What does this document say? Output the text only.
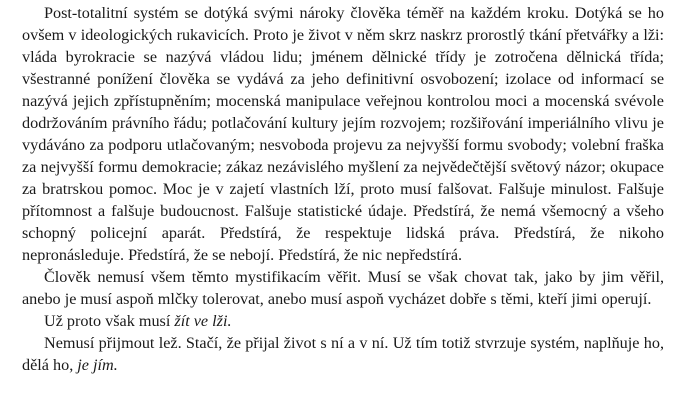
Post-totalitní systém se dotýká svými nároky člověka téměř na každém kroku. Dotýká se ho ovšem v ideologických rukavicích. Proto je život v něm skrz naskrz prorostlý tkání přetvářky a lži: vláda byrokracie se nazývá vládou lidu; jménem dělnické třídy je zotročena dělnická třída; všestranné ponížení člověka se vydává za jeho definitivní osvobození; izolace od informací se nazývá jejich zpřístupněním; mocenská manipulace veřejnou kontrolou moci a mocenská svévole dodržováním právního řádu; potlačování kultury jejím rozvojem; rozšiřování imperiálního vlivu je vydáváno za podporu utlačovaným; nesvoboda projevu za nejvyšší formu svobody; volební fraška za nejvyšší formu demokracie; zákaz nezávislého myšlení za nejvědečtější světový názor; okupace za bratrskou pomoc. Moc je v zajetí vlastních lží, proto musí falšovat. Falšuje minulost. Falšuje přítomnost a falšuje budoucnost. Falšuje statistické údaje. Předstírá, že nemá všemocný a všeho schopný policejní aparát. Předstírá, že respektuje lidská práva. Předstírá, že nikoho nepronásleduje. Předstírá, že se nebojí. Předstírá, že nic nepředstírá.

Člověk nemusí všem těmto mystifikacím věřit. Musí se však chovat tak, jako by jim věřil, anebo je musí aspoň mlčky tolerovat, anebo musí aspoň vycházet dobře s těmi, kteří jimi operují.

Už proto však musí žít ve lži.

Nemusí přijmout lež. Stačí, že přijal život s ní a v ní. Už tím totiž stvrzuje systém, naplňuje ho, dělá ho, je jím.
